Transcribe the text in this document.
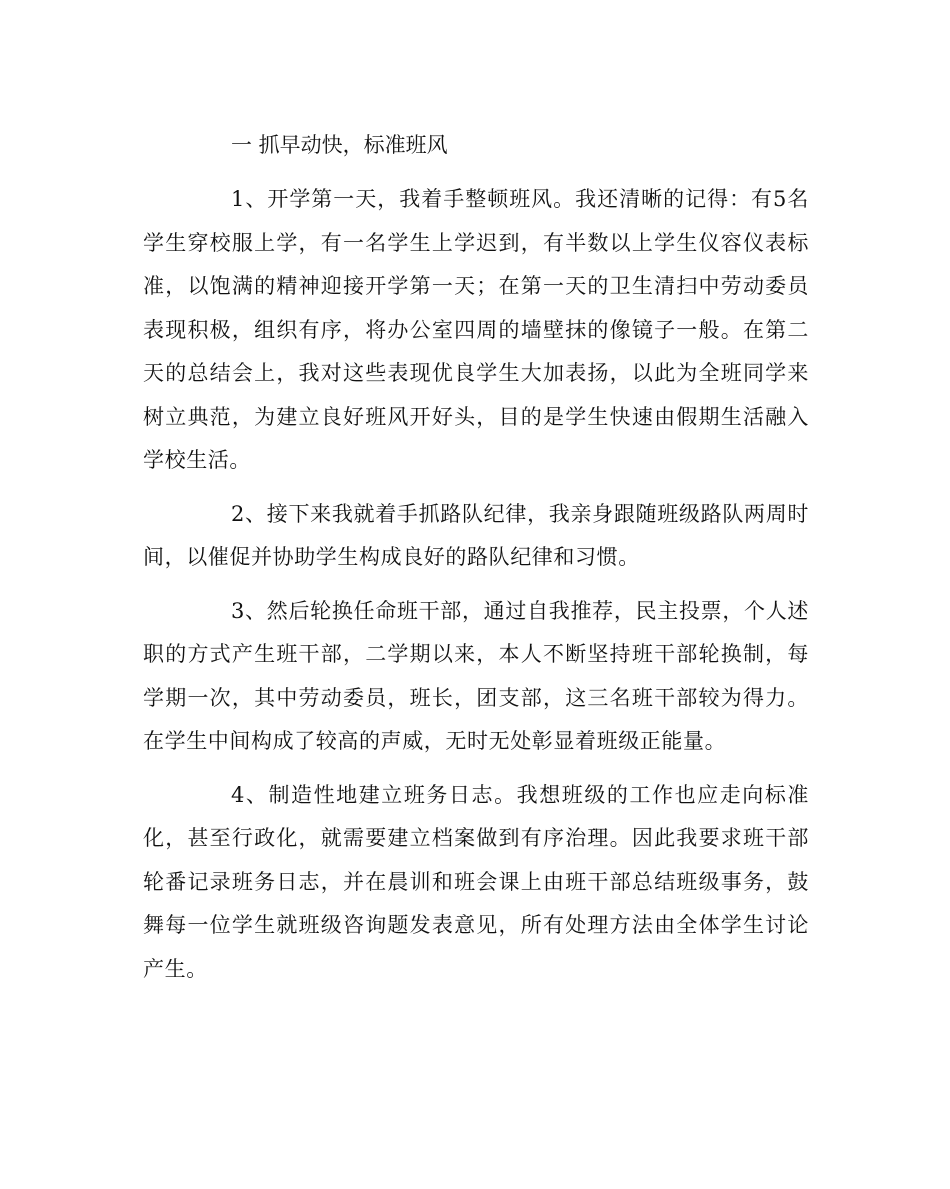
一 抓早动快，标准班风

1、开学第一天，我着手整顿班风。我还清晰的记得：有5名学生穿校服上学，有一名学生上学迟到，有半数以上学生仪容仪表标准，以饱满的精神迎接开学第一天；在第一天的卫生清扫中劳动委员表现积极，组织有序，将办公室四周的墙壁抹的像镜子一般。在第二天的总结会上，我对这些表现优良学生大加表扬，以此为全班同学来树立典范，为建立良好班风开好头，目的是学生快速由假期生活融入学校生活。

2、接下来我就着手抓路队纪律，我亲身跟随班级路队两周时间，以催促并协助学生构成良好的路队纪律和习惯。

3、然后轮换任命班干部，通过自我推荐，民主投票，个人述职的方式产生班干部，二学期以来，本人不断坚持班干部轮换制，每学期一次，其中劳动委员，班长，团支部，这三名班干部较为得力。在学生中间构成了较高的声威，无时无处彰显着班级正能量。

4、制造性地建立班务日志。我想班级的工作也应走向标准化，甚至行政化，就需要建立档案做到有序治理。因此我要求班干部轮番记录班务日志，并在晨训和班会课上由班干部总结班级事务，鼓舞每一位学生就班级咨询题发表意见，所有处理方法由全体学生讨论产生。
